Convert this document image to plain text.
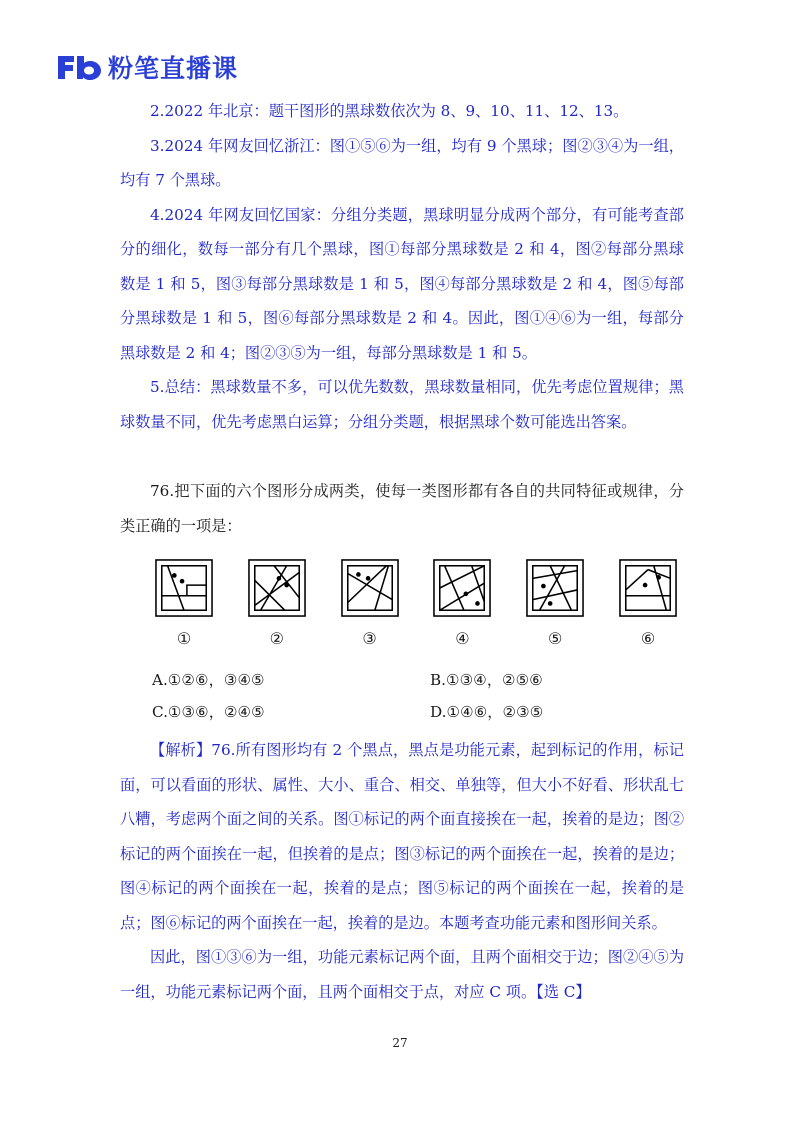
粉笔直播课

2.2022 年北京：题干图形的黑球数依次为 8、9、10、11、12、13。

3.2024 年网友回忆浙江：图①⑤⑥为一组，均有 9 个黑球；图②③④为一组，均有 7 个黑球。

4.2024 年网友回忆国家：分组分类题，黑球明显分成两个部分，有可能考查部分的细化，数每一部分有几个黑球，图①每部分黑球数是 2 和 4，图②每部分黑球数是 1 和 5，图③每部分黑球数是 1 和 5，图④每部分黑球数是 2 和 4，图⑤每部分黑球数是 1 和 5，图⑥每部分黑球数是 2 和 4。因此，图①④⑥为一组，每部分黑球数是 2 和 4；图②③⑤为一组，每部分黑球数是 1 和 5。

5.总结：黑球数量不多，可以优先数数，黑球数量相同，优先考虑位置规律；黑球数量不同，优先考虑黑白运算；分组分类题，根据黑球个数可能选出答案。

76.把下面的六个图形分成两类，使每一类图形都有各自的共同特征或规律，分类正确的一项是：

①	②	③	④	⑤	⑥
A.①②⑥，③④⑤	B.①③④，②⑤⑥
C.①③⑥，②④⑤	D.①④⑥，②③⑤

【解析】76.所有图形均有 2 个黑点，黑点是功能元素，起到标记的作用，标记面，可以看面的形状、属性、大小、重合、相交、单独等，但大小不好看、形状乱七八糟，考虑两个面之间的关系。图①标记的两个面直接挨在一起，挨着的是边；图②标记的两个面挨在一起，但挨着的是点；图③标记的两个面挨在一起，挨着的是边；图④标记的两个面挨在一起，挨着的是点；图⑤标记的两个面挨在一起，挨着的是点；图⑥标记的两个面挨在一起，挨着的是边。本题考查功能元素和图形间关系。

因此，图①③⑥为一组，功能元素标记两个面，且两个面相交于边；图②④⑤为一组，功能元素标记两个面，且两个面相交于点，对应 C 项。【选 C】

27
